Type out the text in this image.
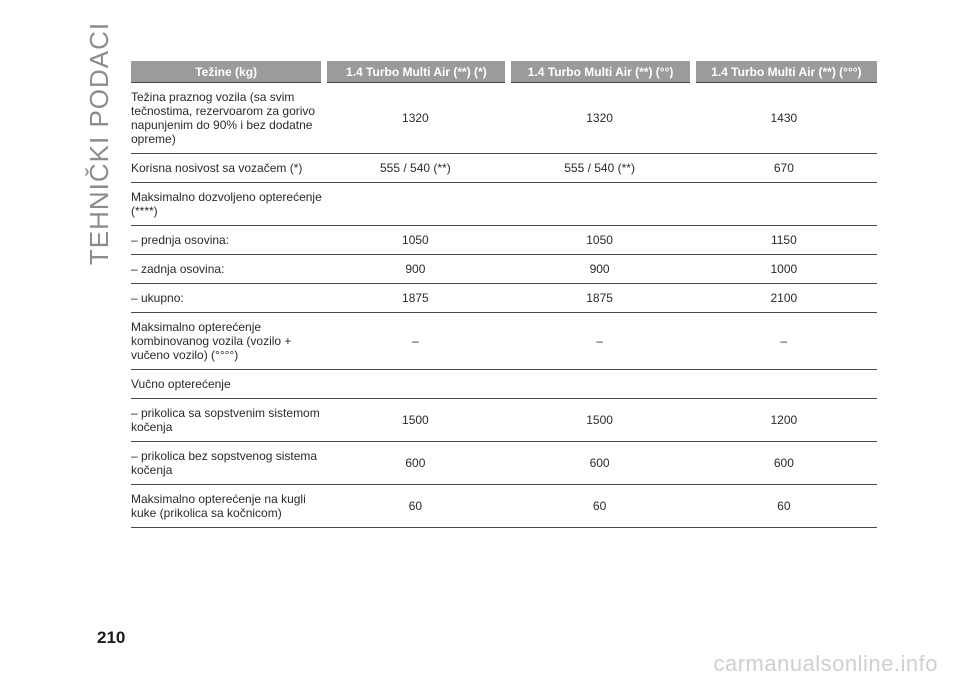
TEHNIČKI PODACI	Težine (kg)	1.4 Turbo Multi Air (**) (*)	1.4 Turbo Multi Air (**) (°°)	1.4 Turbo Multi Air (**) (°°°)
Težina praznog vozila (sa svim tečnostima, rezervoarom za gorivo napunjenim do 90% i bez dodatne opreme)	1320	1320	1430
Korisna nosivost sa vozačem (*)	555 / 540 (**)	555 / 540 (**)	670
Maksimalno dozvoljeno opterećenje (****)			
– prednja osovina:	1050	1050	1150
– zadnja osovina:	900	900	1000
– ukupno:	1875	1875	2100
Maksimalno opterećenje kombinovanog vozila (vozilo + vučeno vozilo) (°°°°)	–	–	–
Vučno opterećenje			
– prikolica sa sopstvenim sistemom kočenja	1500	1500	1200
– prikolica bez sopstvenog sistema kočenja	600	600	600
Maksimalno opterećenje na kugli kuke (prikolica sa kočnicom)	60	60	60
210
carmanualsonline.info
